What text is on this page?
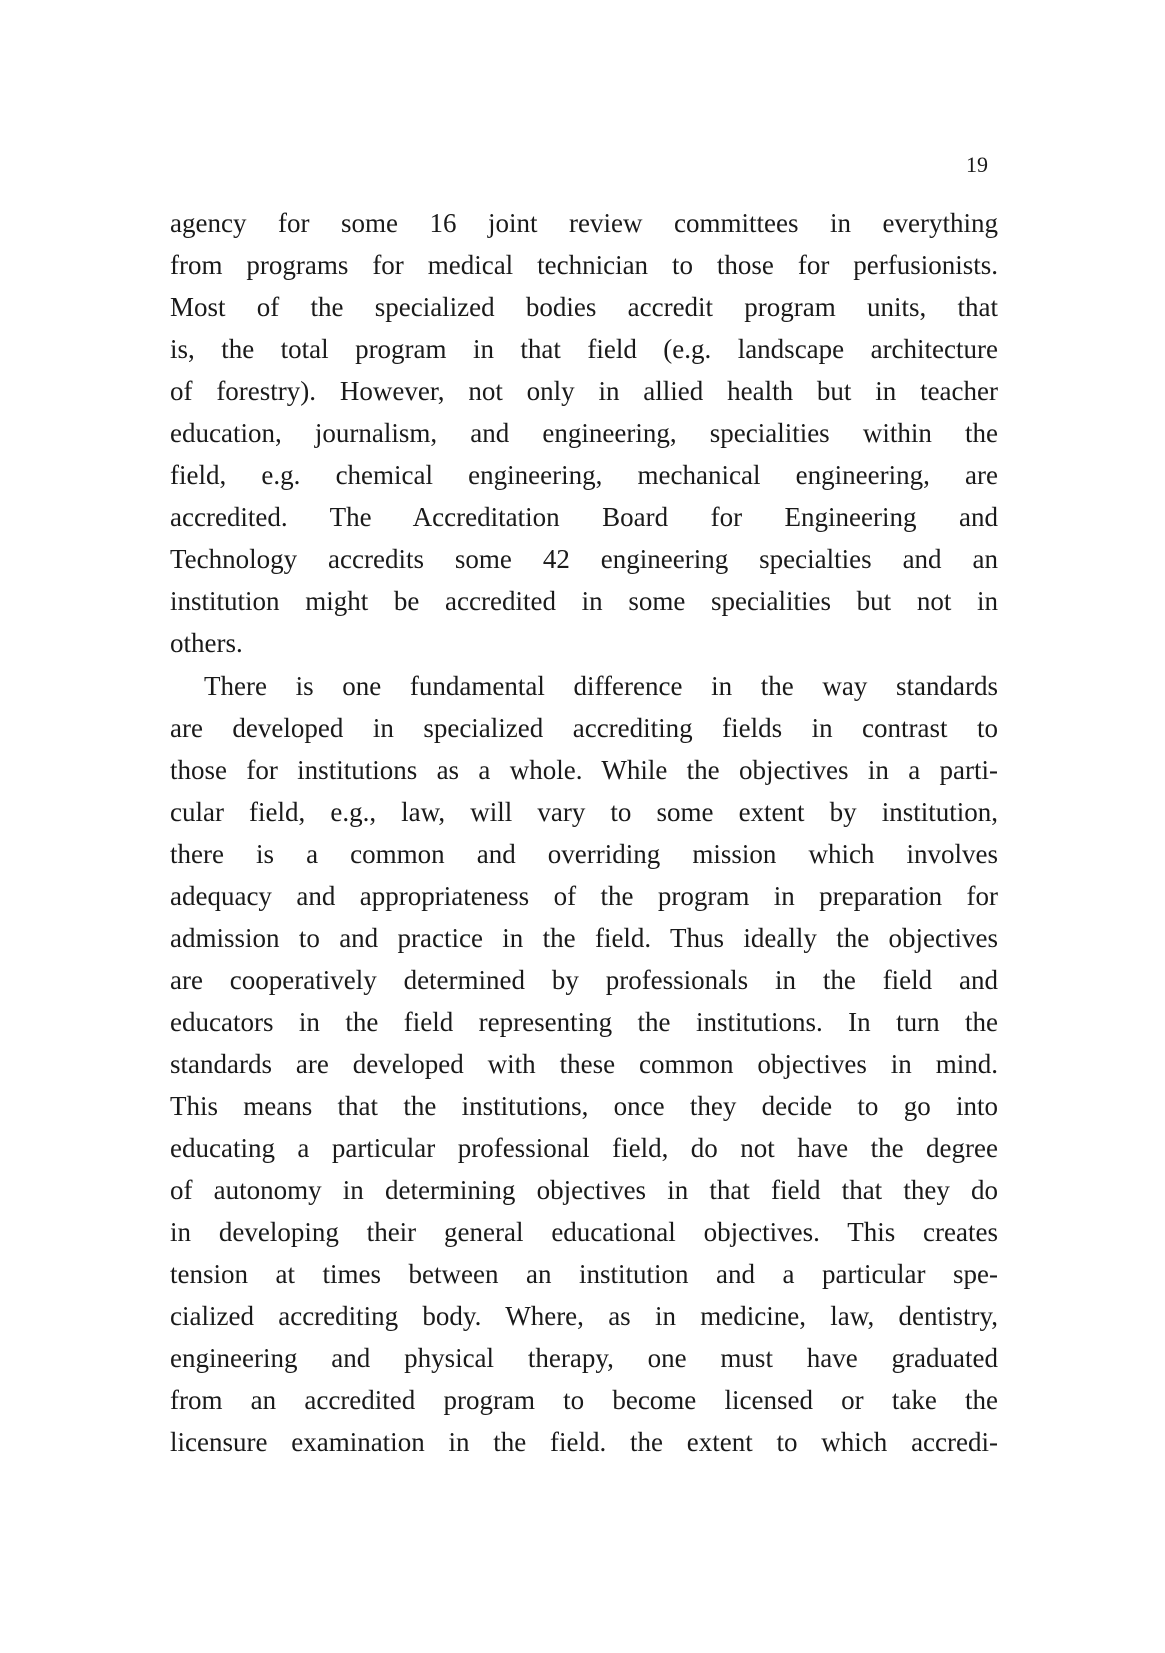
19
agency for some 16 joint review committees in everything
from programs for medical technician to those for perfusionists.
Most of the specialized bodies accredit program units, that
is, the total program in that field (e.g. landscape architecture
of forestry). However, not only in allied health but in teacher
education, journalism, and engineering, specialities within the
field, e.g. chemical engineering, mechanical engineering, are
accredited. The Accreditation Board for Engineering and
Technology accredits some 42 engineering specialties and an
institution might be accredited in some specialities but not in
others.
There is one fundamental difference in the way standards
are developed in specialized accrediting fields in contrast to
those for institutions as a whole. While the objectives in a parti-
cular field, e.g., law, will vary to some extent by institution,
there is a common and overriding mission which involves
adequacy and appropriateness of the program in preparation for
admission to and practice in the field. Thus ideally the objectives
are cooperatively determined by professionals in the field and
educators in the field representing the institutions. In turn the
standards are developed with these common objectives in mind.
This means that the institutions, once they decide to go into
educating a particular professional field, do not have the degree
of autonomy in determining objectives in that field that they do
in developing their general educational objectives. This creates
tension at times between an institution and a particular spe-
cialized accrediting body. Where, as in medicine, law, dentistry,
engineering and physical therapy, one must have graduated
from an accredited program to become licensed or take the
licensure examination in the field. the extent to which accredi-
